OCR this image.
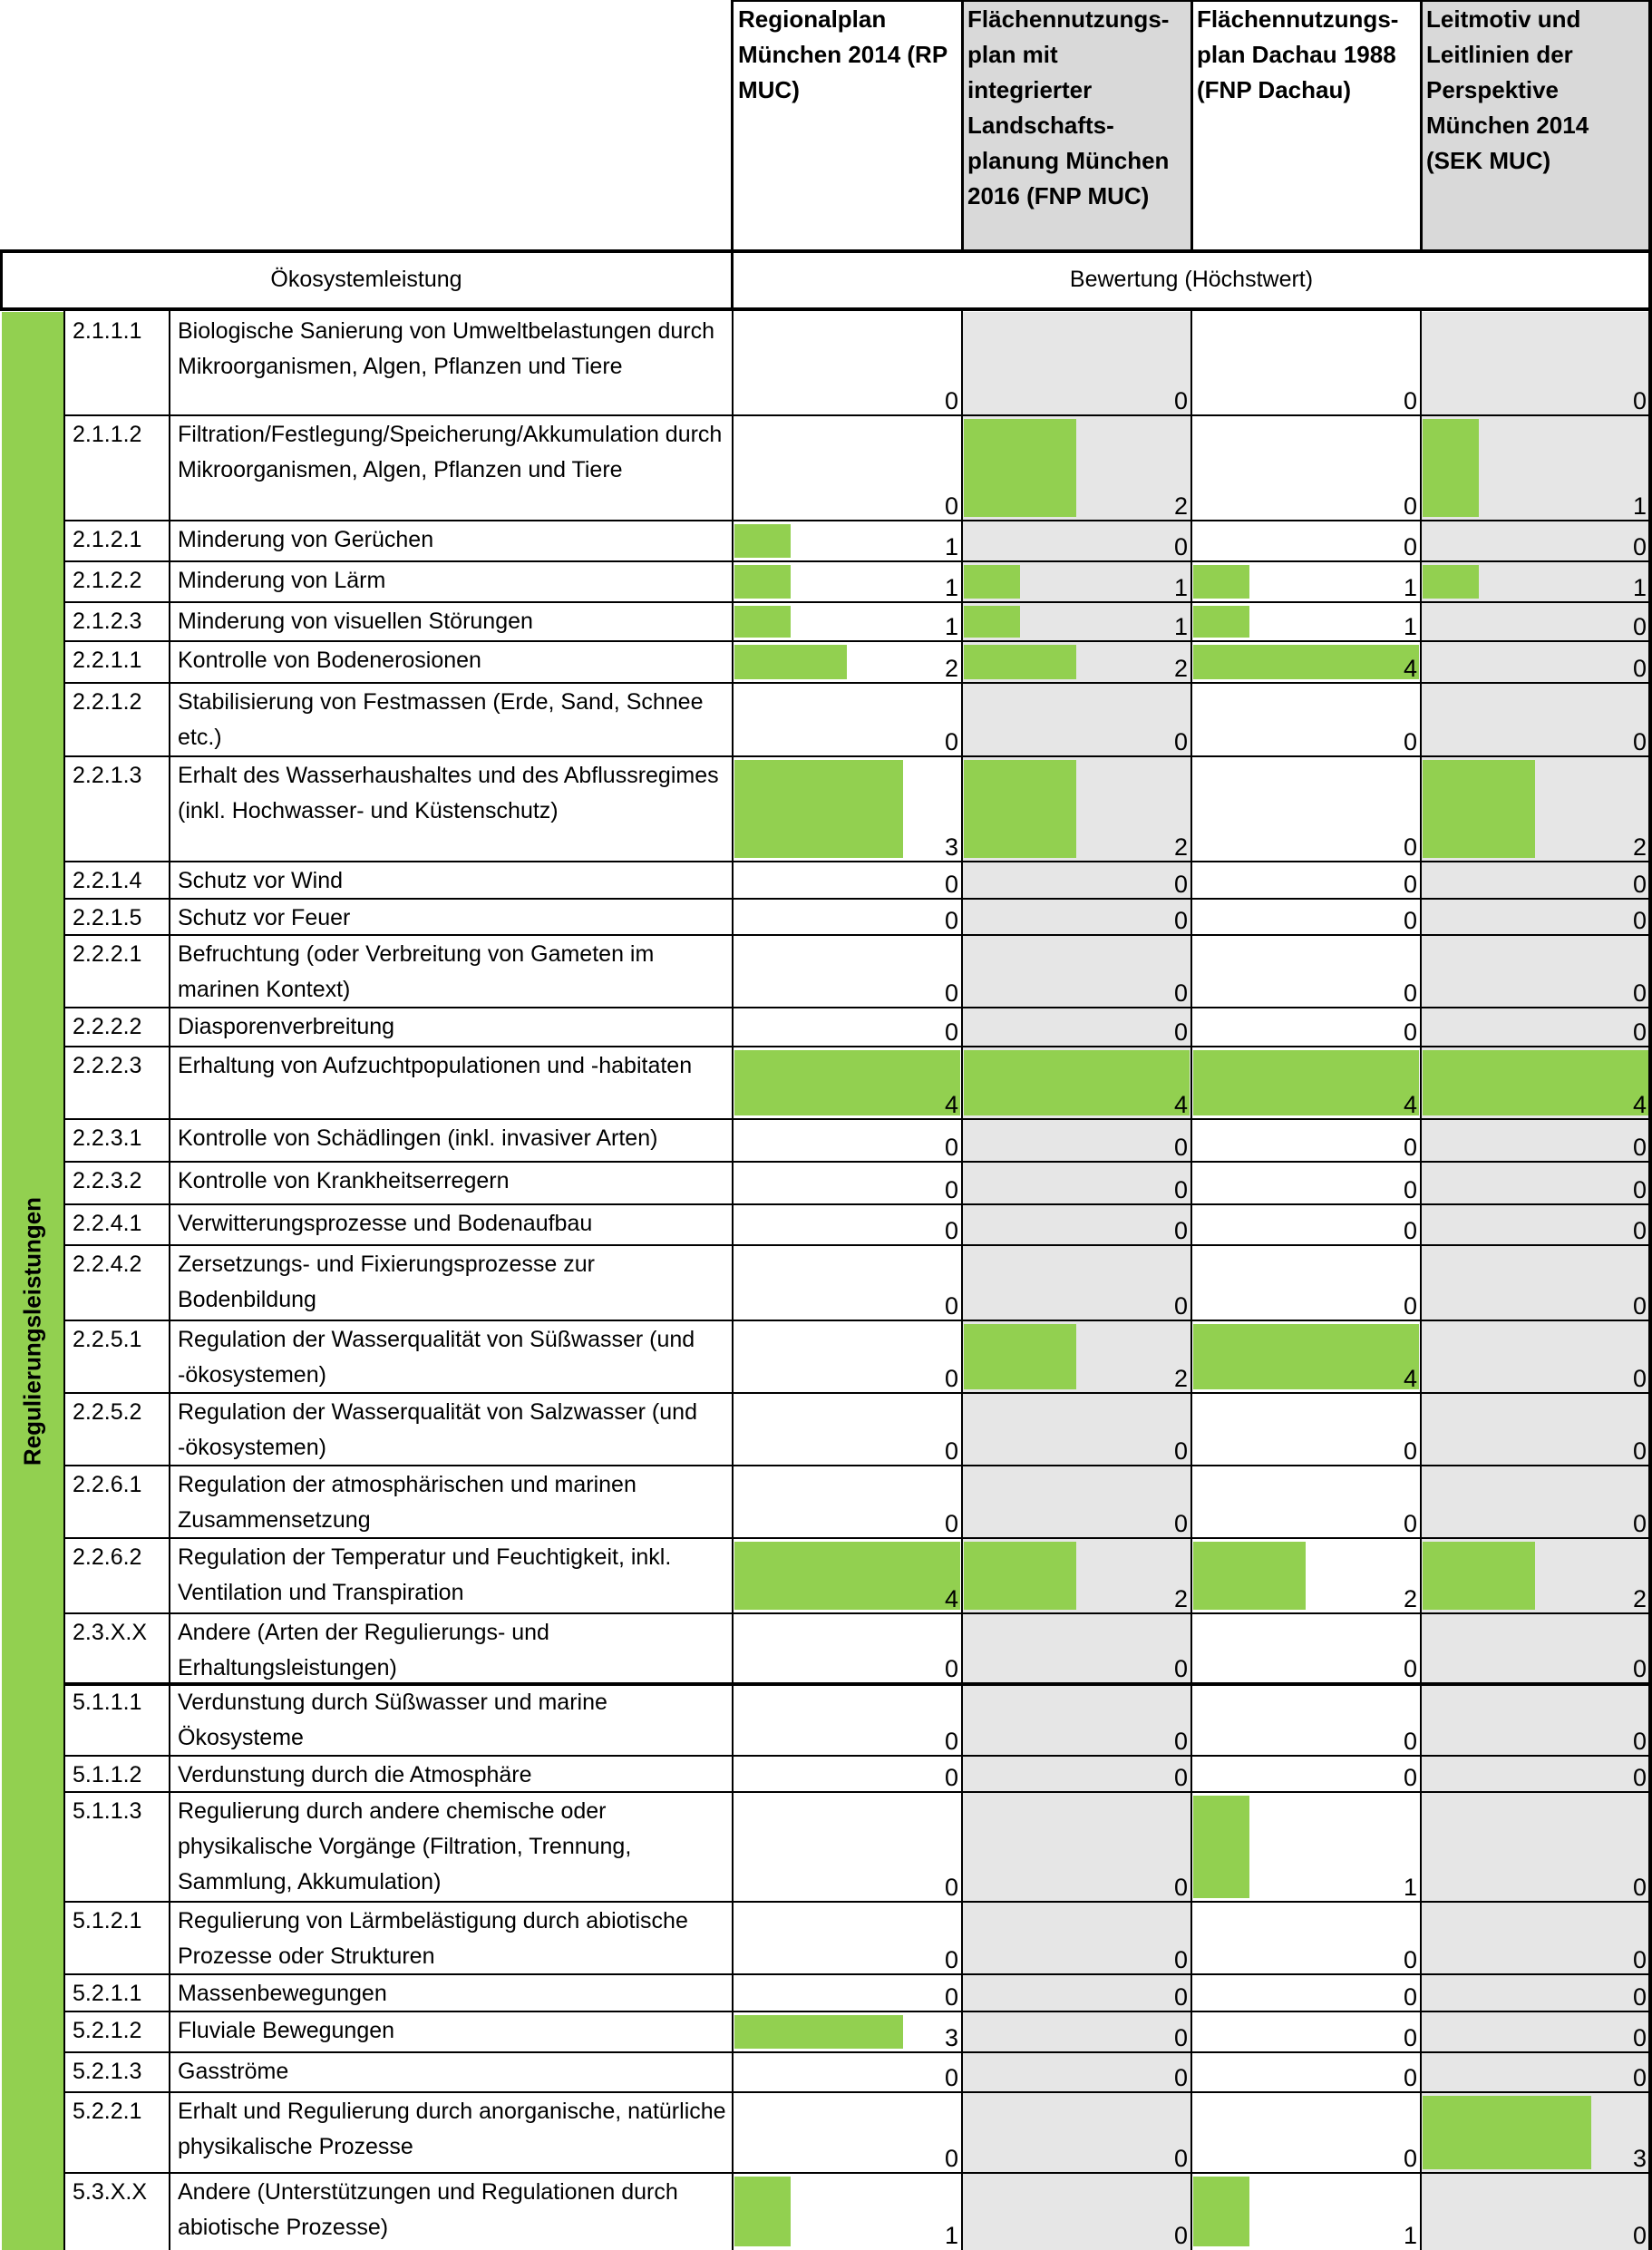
Regionalplan
München 2014 (RP
MUC)
Flächennutzungs-
plan mit
integrierter
Landschafts-
planung München
2016 (FNP MUC)
Flächennutzungs-
plan Dachau 1988
(FNP Dachau)
Leitmotiv und
Leitlinien der
Perspektive
München 2014
(SEK MUC)
Ökosystemleistung	Bewertung (Höchstwert)
Regulierungsleistungen
2.1.1.1	Biologische Sanierung von Umweltbelastungen durch Mikroorganismen, Algen, Pflanzen und Tiere
0	0	0	0
2.1.1.2	Filtration/Festlegung/Speicherung/Akkumulation durch Mikroorganismen, Algen, Pflanzen und Tiere
0	2	0	1
2.1.2.1	Minderung von Gerüchen	1	0	0	0
2.1.2.2	Minderung von Lärm	1	1	1	1
2.1.2.3	Minderung von visuellen Störungen	1	1	1	0
2.2.1.1	Kontrolle von Bodenerosionen	2	2	4	0
2.2.1.2	Stabilisierung von Festmassen (Erde, Sand, Schnee etc.)	0	0	0	0
2.2.1.3	Erhalt des Wasserhaushaltes und des Abflussregimes (inkl. Hochwasser- und Küstenschutz)
3	2	0	2
2.2.1.4	Schutz vor Wind	0	0	0	0
2.2.1.5	Schutz vor Feuer	0	0	0	0
2.2.2.1	Befruchtung (oder Verbreitung von Gameten im marinen Kontext)	0	0	0	0
2.2.2.2	Diasporenverbreitung	0	0	0	0
2.2.2.3	Erhaltung von Aufzuchtpopulationen und -habitaten
4	4	4	4
2.2.3.1	Kontrolle von Schädlingen (inkl. invasiver Arten)	0	0	0	0
2.2.3.2	Kontrolle von Krankheitserregern	0	0	0	0
2.2.4.1	Verwitterungsprozesse und Bodenaufbau	0	0	0	0
2.2.4.2	Zersetzungs- und Fixierungsprozesse zur Bodenbildung	0	0	0	0
2.2.5.1	Regulation der Wasserqualität von Süßwasser (und -ökosystemen)	0	2	4	0
2.2.5.2	Regulation der Wasserqualität von Salzwasser (und -ökosystemen)	0	0	0	0
2.2.6.1	Regulation der atmosphärischen und marinen Zusammensetzung	0	0	0	0
2.2.6.2	Regulation der Temperatur und Feuchtigkeit, inkl. Ventilation und Transpiration	4	2	2	2
2.3.X.X	Andere (Arten der Regulierungs- und Erhaltungsleistungen)	0	0	0	0
5.1.1.1	Verdunstung durch Süßwasser und marine Ökosysteme	0	0	0	0
5.1.1.2	Verdunstung durch die Atmosphäre	0	0	0	0
5.1.1.3	Regulierung durch andere chemische oder physikalische Vorgänge (Filtration, Trennung, Sammlung, Akkumulation)	0	0	1	0
5.1.2.1	Regulierung von Lärmbelästigung durch abiotische Prozesse oder Strukturen	0	0	0	0
5.2.1.1	Massenbewegungen	0	0	0	0
5.2.1.2	Fluviale Bewegungen	3	0	0	0
5.2.1.3	Gasströme	0	0	0	0
5.2.2.1	Erhalt und Regulierung durch anorganische, natürliche physikalische Prozesse	0	0	0	3
5.3.X.X	Andere (Unterstützungen und Regulationen durch abiotische Prozesse)	1	0	1	0
